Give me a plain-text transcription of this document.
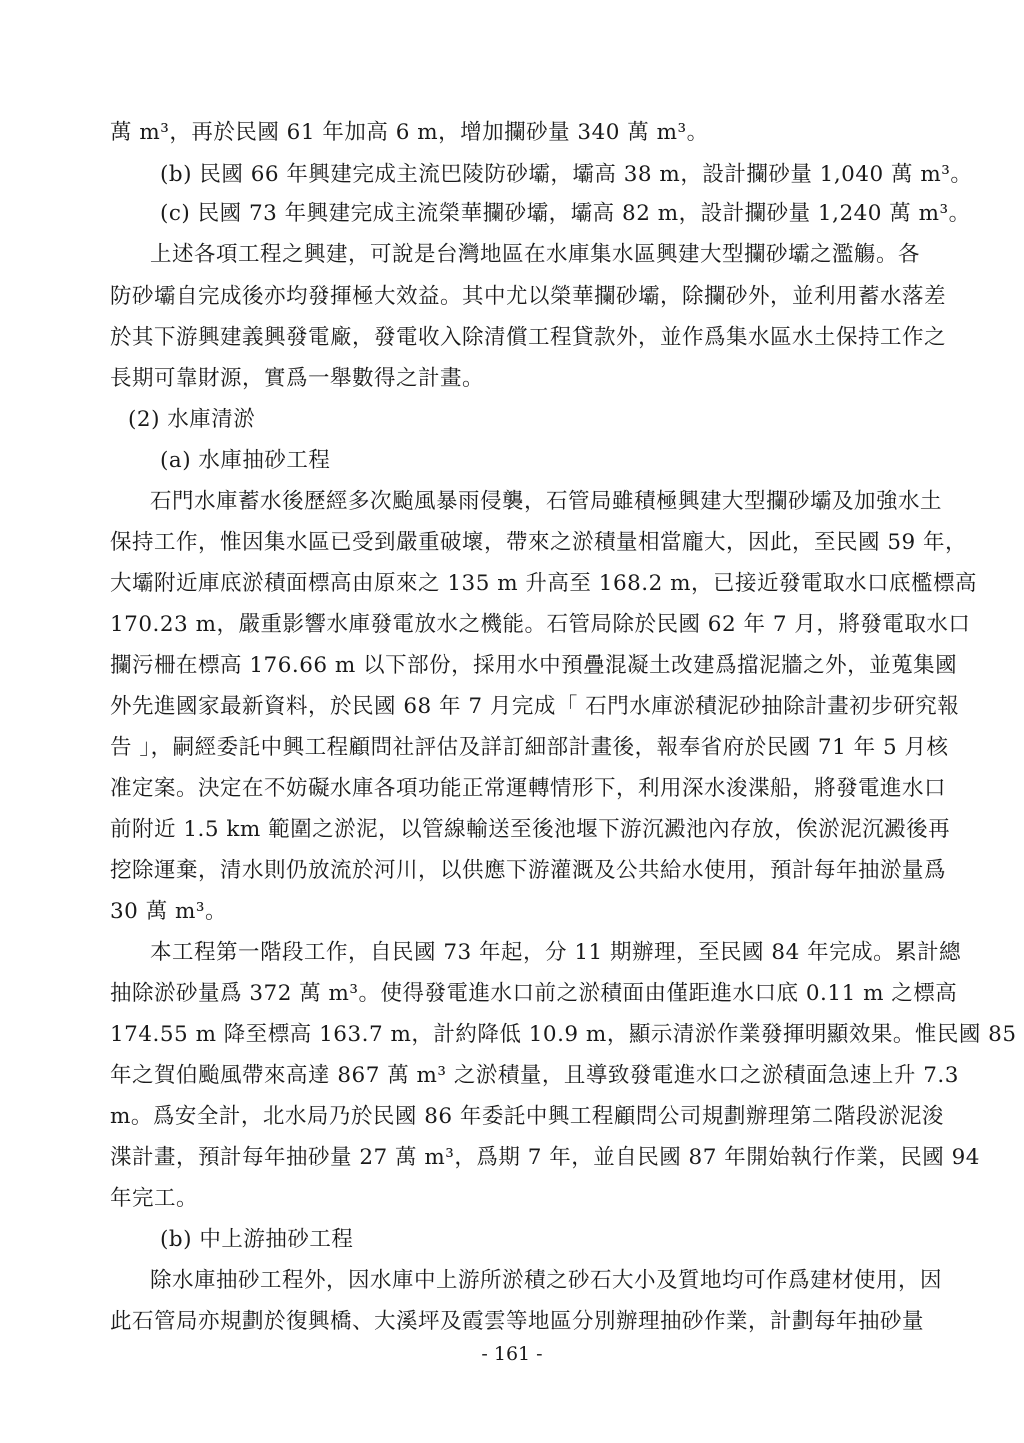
萬 m³，再於民國 61 年加高 6 m，增加攔砂量 340 萬 m³。
(b) 民國 66 年興建完成主流巴陵防砂壩，壩高 38 m，設計攔砂量 1,040 萬 m³。
(c) 民國 73 年興建完成主流榮華攔砂壩，壩高 82 m，設計攔砂量 1,240 萬 m³。
上述各項工程之興建，可說是台灣地區在水庫集水區興建大型攔砂壩之濫觴。各
防砂壩自完成後亦均發揮極大效益。其中尤以榮華攔砂壩，除攔砂外，並利用蓄水落差
於其下游興建義興發電廠，發電收入除清償工程貸款外，並作爲集水區水土保持工作之
長期可靠財源，實爲一舉數得之計畫。
(2) 水庫清淤
(a) 水庫抽砂工程
石門水庫蓄水後歷經多次颱風暴雨侵襲，石管局雖積極興建大型攔砂壩及加強水土
保持工作，惟因集水區已受到嚴重破壞，帶來之淤積量相當龐大，因此，至民國 59 年，
大壩附近庫底淤積面標高由原來之 135 m 升高至 168.2 m，已接近發電取水口底檻標高
170.23 m，嚴重影響水庫發電放水之機能。石管局除於民國 62 年 7 月，將發電取水口
攔污柵在標高 176.66 m 以下部份，採用水中預疊混凝土改建爲擋泥牆之外，並蒐集國
外先進國家最新資料，於民國 68 年 7 月完成「 石門水庫淤積泥砂抽除計畫初步研究報
告 」，嗣經委託中興工程顧問社評估及詳訂細部計畫後，報奉省府於民國 71 年 5 月核
准定案。決定在不妨礙水庫各項功能正常運轉情形下，利用深水浚渫船，將發電進水口
前附近 1.5 km 範圍之淤泥，以管線輸送至後池堰下游沉澱池內存放，俟淤泥沉澱後再
挖除運棄，清水則仍放流於河川，以供應下游灌溉及公共給水使用，預計每年抽淤量爲
30 萬 m³。
本工程第一階段工作，自民國 73 年起，分 11 期辦理，至民國 84 年完成。累計總
抽除淤砂量爲 372 萬 m³。使得發電進水口前之淤積面由僅距進水口底 0.11 m 之標高
174.55 m 降至標高 163.7 m，計約降低 10.9 m，顯示清淤作業發揮明顯效果。惟民國 85
年之賀伯颱風帶來高達 867 萬 m³ 之淤積量，且導致發電進水口之淤積面急速上升 7.3
m。爲安全計，北水局乃於民國 86 年委託中興工程顧問公司規劃辦理第二階段淤泥浚
渫計畫，預計每年抽砂量 27 萬 m³，爲期 7 年，並自民國 87 年開始執行作業，民國 94
年完工。
(b) 中上游抽砂工程
除水庫抽砂工程外，因水庫中上游所淤積之砂石大小及質地均可作爲建材使用，因
此石管局亦規劃於復興橋、大溪坪及霞雲等地區分別辦理抽砂作業，計劃每年抽砂量
- 161 -
